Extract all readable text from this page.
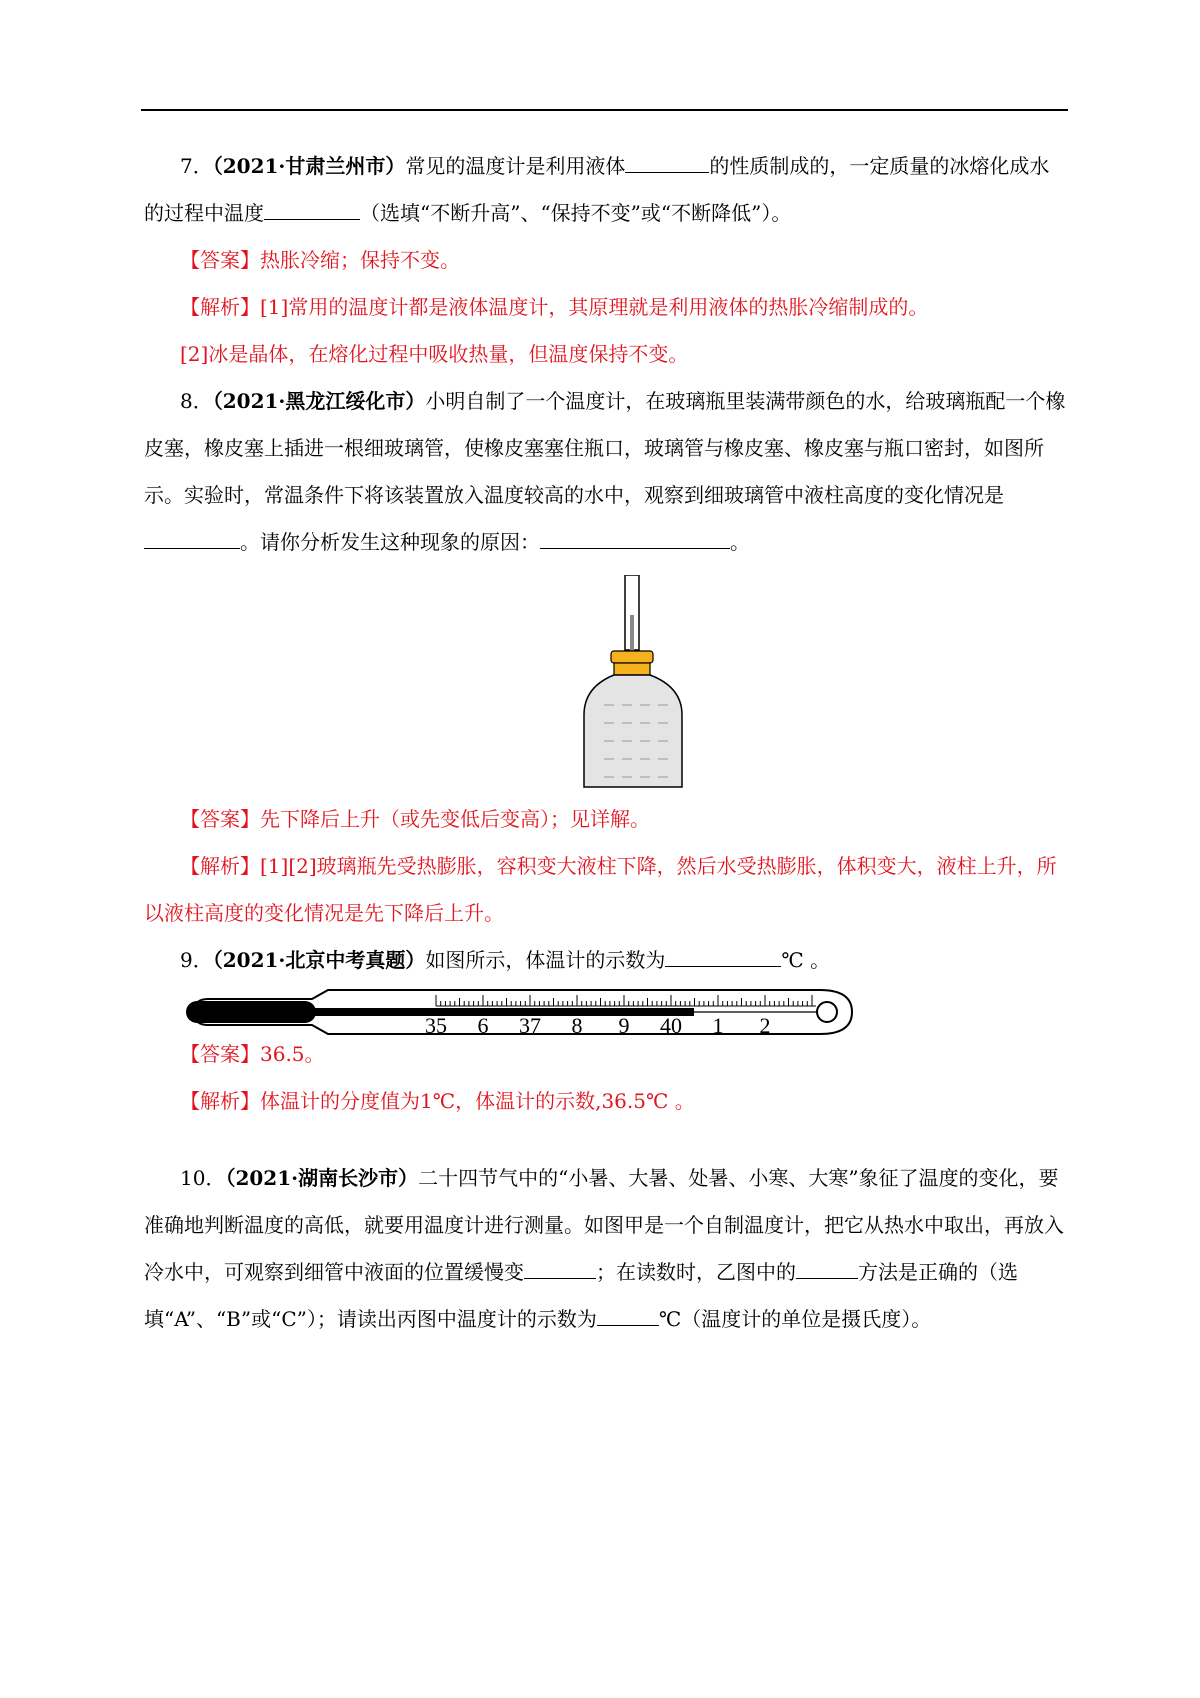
7．（2021·甘肃兰州市）常见的温度计是利用液体	的性质制成的，一定质量的冰熔化成水的过程中温度	（选填“不断升高”、“保持不变”或“不断降低”）。
【答案】热胀冷缩；保持不变。
【解析】[1]常用的温度计都是液体温度计，其原理就是利用液体的热胀冷缩制成的。
[2]冰是晶体，在熔化过程中吸收热量，但温度保持不变。
8．（2021·黑龙江绥化市）小明自制了一个温度计，在玻璃瓶里装满带颜色的水，给玻璃瓶配一个橡皮塞，橡皮塞上插进一根细玻璃管，使橡皮塞塞住瓶口，玻璃管与橡皮塞、橡皮塞与瓶口密封，如图所示。实验时，常温条件下将该装置放入温度较高的水中，观察到细玻璃管中液柱高度的变化情况是。请你分析发生这种现象的原因：	。
【答案】先下降后上升（或先变低后变高）；见详解。
【解析】[1][2]玻璃瓶先受热膨胀，容积变大液柱下降，然后水受热膨胀，体积变大，液柱上升，所以液柱高度的变化情况是先下降后上升。
9．（2021·北京中考真题）如图所示，体温计的示数为	℃ 。
35 6 37 8 9 40 1 2
【答案】36.5。
【解析】体温计的分度值为1℃，体温计的示数,36.5℃ 。
10．（2021·湖南长沙市）二十四节气中的“小暑、大暑、处暑、小寒、大寒”象征了温度的变化，要准确地判断温度的高低，就要用温度计进行测量。如图甲是一个自制温度计，把它从热水中取出，再放入冷水中，可观察到细管中液面的位置缓慢变	；在读数时，乙图中的	方法是正确的（选填“A”、“B”或“C”）；请读出丙图中温度计的示数为	℃（温度计的单位是摄氏度）。
